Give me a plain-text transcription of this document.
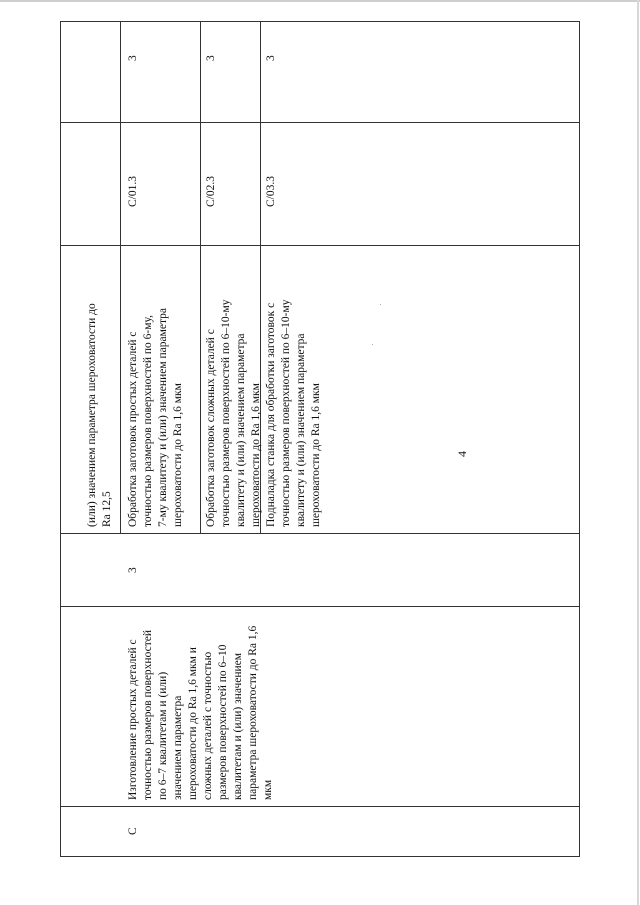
4
(или) значением параметра шероховатости до Ra 12,5
С
Изготовление простых деталей с точностью размеров поверхностей по 6–7 квалитетам и (или) значением параметра шероховатости до Ra 1,6 мкм и сложных деталей с точностью размеров поверхностей по 6–10 квалитетам и (или) значением параметра шероховатости до Ra 1,6 мкм
3
Обработка заготовок простых деталей с точностью размеров поверхностей по 6-му, 7-му квалитету и (или) значением параметра шероховатости до Ra 1,6 мкм
С/01.3
3
Обработка заготовок сложных деталей с точностью размеров поверхностей по 6–10-му квалитету и (или) значением параметра шероховатости до Ra 1,6 мкм
С/02.3
3
Подналадка станка для обработки заготовок с точностью размеров поверхностей по 6–10-му квалитету и (или) значением параметра шероховатости до Ra 1,6 мкм
С/03.3
3
